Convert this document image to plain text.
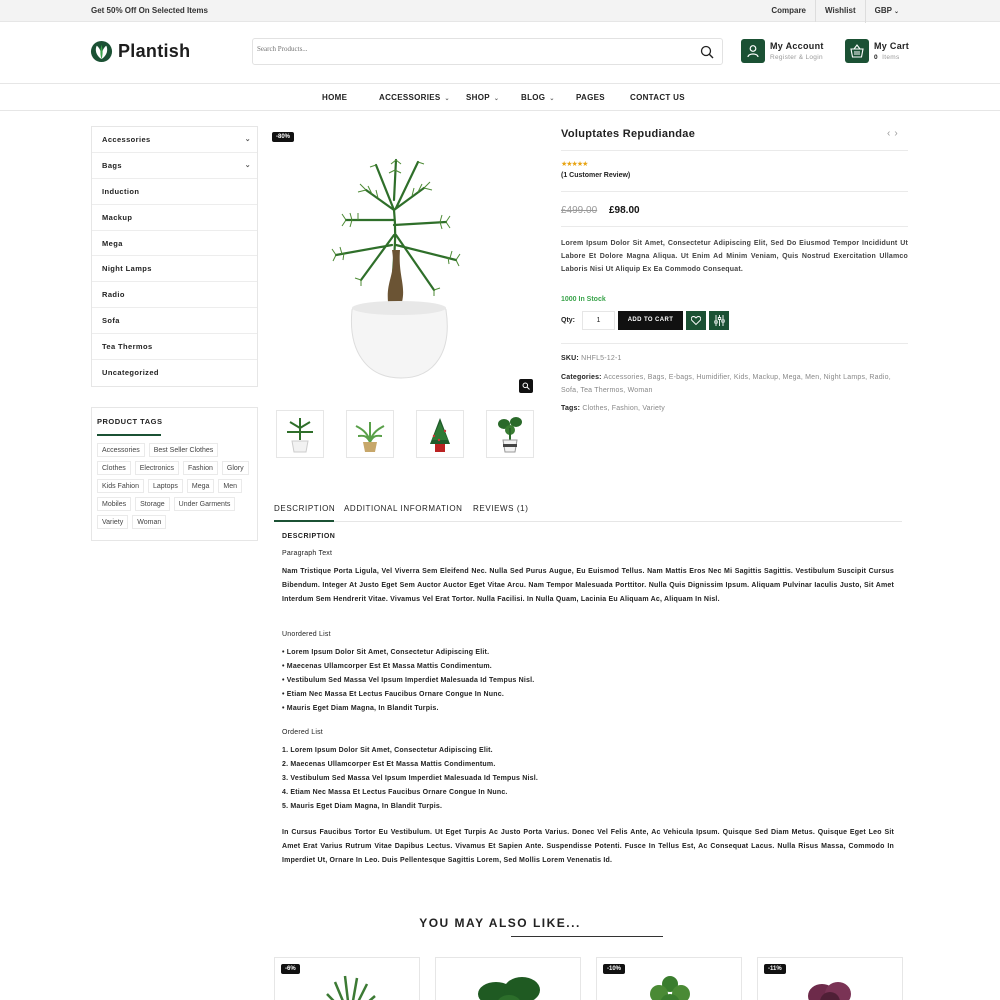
Get 50% Off On Selected Items	Compare	Wishlist	GBP ⌄
Plantish
Search Products...	My Account
Register & Login
My Cart
0 Items
HOME	ACCESSORIES ⌄ SHOP ⌄	BLOG ⌄	PAGES	CONTACT US
Accessories	⌄
Bags	⌄
Induction
Mackup
Mega
Night Lamps
Radio
Sofa
Tea Thermos
Uncategorized
PRODUCT TAGS
Accessories	Best Seller Clothes
Clothes	Electronics	Fashion	Glory
Kids Fahion	Laptops	Mega	Men
Mobiles	Storage	Under Garments
Variety	Woman
-80%	Voluptates Repudiandae	‹›
★★★★★
(1 Customer Review)
£499.00 £98.00
Lorem Ipsum Dolor Sit Amet, Consectetur Adipiscing Elit, Sed Do Eiusmod Tempor Incididunt Ut Labore Et Dolore Magna Aliqua. Ut Enim Ad Minim Veniam, Quis Nostrud Exercitation Ullamco Laboris Nisi Ut Aliquip Ex Ea Commodo Consequat.
1000 In Stock
Qty:	1	ADD TO CART
SKU: NHFL5-12-1
Categories: Accessories, Bags, E-bags, Humidifier, Kids, Mackup, Mega, Men, Night Lamps, Radio, Sofa, Tea Thermos, Woman
Tags: Clothes, Fashion, Variety
DESCRIPTION ADDITIONAL INFORMATION REVIEWS (1)
DESCRIPTION
Paragraph Text
Nam Tristique Porta Ligula, Vel Viverra Sem Eleifend Nec. Nulla Sed Purus Augue, Eu Euismod Tellus. Nam Mattis Eros Nec Mi Sagittis Sagittis. Vestibulum Suscipit Cursus Bibendum. Integer At Justo Eget Sem Auctor Auctor Eget Vitae Arcu. Nam Tempor Malesuada Porttitor. Nulla Quis Dignissim Ipsum. Aliquam Pulvinar Iaculis Justo, Sit Amet Interdum Sem Hendrerit Vitae. Vivamus Vel Erat Tortor. Nulla Facilisi. In Nulla Quam, Lacinia Eu Aliquam Ac, Aliquam In Nisl.
Unordered List
• Lorem Ipsum Dolor Sit Amet, Consectetur Adipiscing Elit.
• Maecenas Ullamcorper Est Et Massa Mattis Condimentum.
• Vestibulum Sed Massa Vel Ipsum Imperdiet Malesuada Id Tempus Nisl.
• Etiam Nec Massa Et Lectus Faucibus Ornare Congue In Nunc.
• Mauris Eget Diam Magna, In Blandit Turpis.
Ordered List
1. Lorem Ipsum Dolor Sit Amet, Consectetur Adipiscing Elit.
2. Maecenas Ullamcorper Est Et Massa Mattis Condimentum.
3. Vestibulum Sed Massa Vel Ipsum Imperdiet Malesuada Id Tempus Nisl.
4. Etiam Nec Massa Et Lectus Faucibus Ornare Congue In Nunc.
5. Mauris Eget Diam Magna, In Blandit Turpis.
In Cursus Faucibus Tortor Eu Vestibulum. Ut Eget Turpis Ac Justo Porta Varius. Donec Vel Felis Ante, Ac Vehicula Ipsum. Quisque Sed Diam Metus. Quisque Eget Leo Sit Amet Erat Varius Rutrum Vitae Dapibus Lectus. Vivamus Et Sapien Ante. Suspendisse Potenti. Fusce In Tellus Est, Ac Consequat Lacus. Nulla Risus Massa, Commodo In Imperdiet Ut, Ornare In Leo. Duis Pellentesque Sagittis Lorem, Sed Mollis Lorem Venenatis Id.
YOU MAY ALSO LIKE...
-6%	-10%	-11%
